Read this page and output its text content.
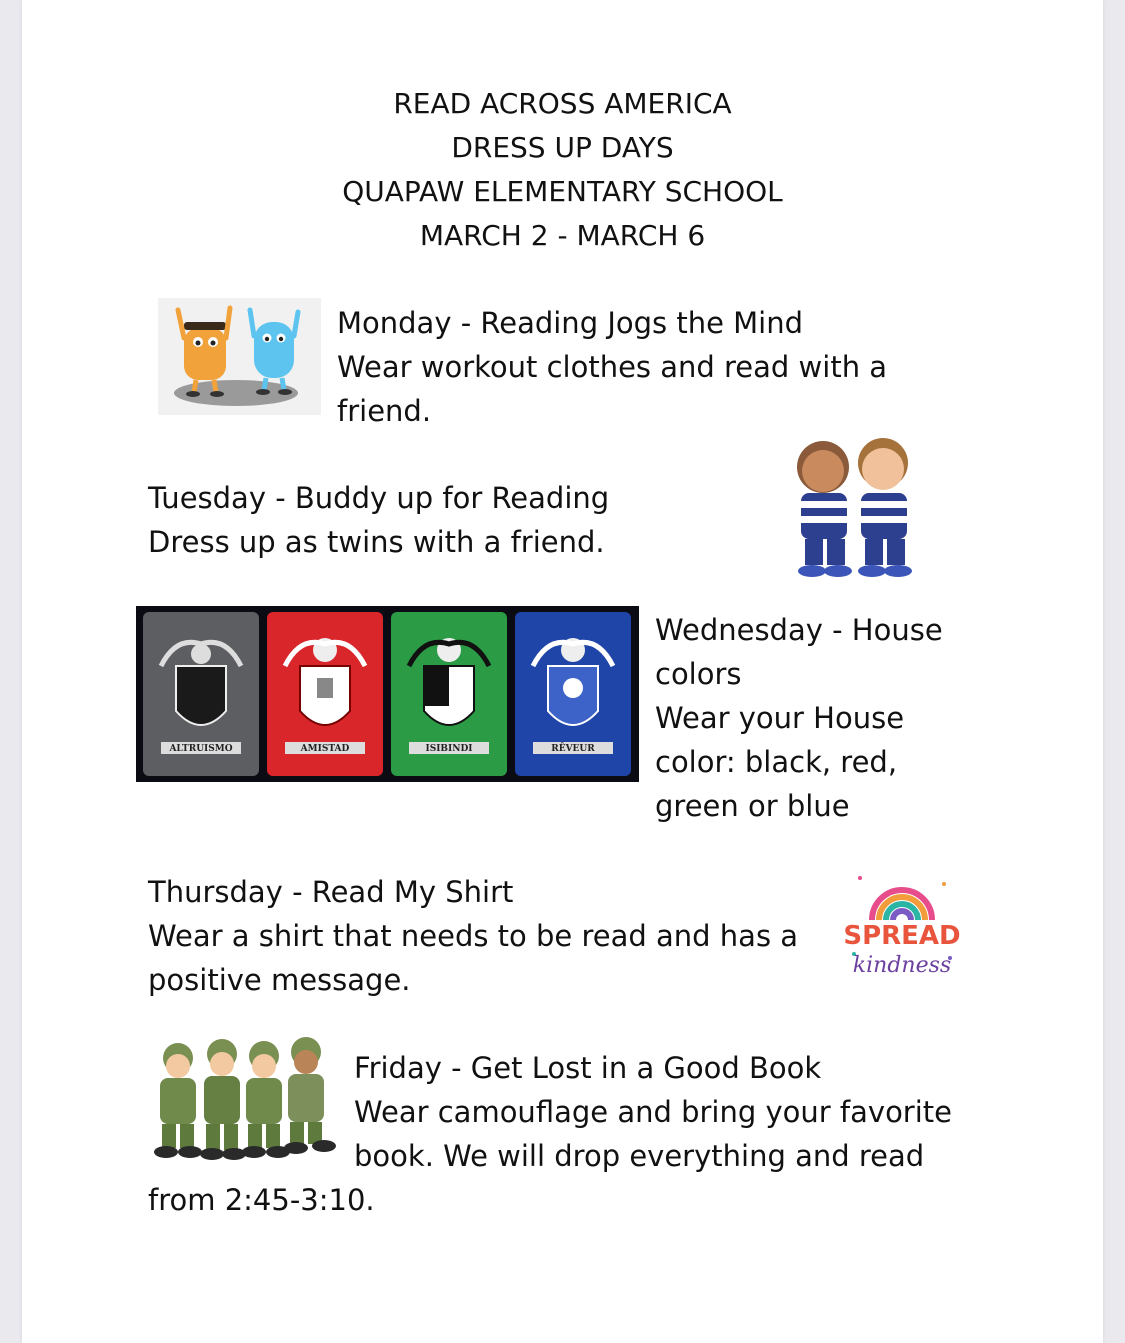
READ ACROSS AMERICA
DRESS UP DAYS
QUAPAW ELEMENTARY SCHOOL
MARCH 2 - MARCH 6
Monday - Reading Jogs the Mind
Wear workout clothes and read with a
friend.
Tuesday - Buddy up for Reading
Dress up as twins with a friend.
ALTRUISMO	AMISTAD	ISIBINDI	RÊVEUR
Wednesday - House
colors
Wear your House
color: black, red,
green or blue
Thursday - Read My Shirt
Wear a shirt that needs to be read and has a
positive message.
SPREAD
kindness
Friday - Get Lost in a Good Book
Wear camouflage and bring your favorite
book. We will drop everything and read
from 2:45-3:10.
